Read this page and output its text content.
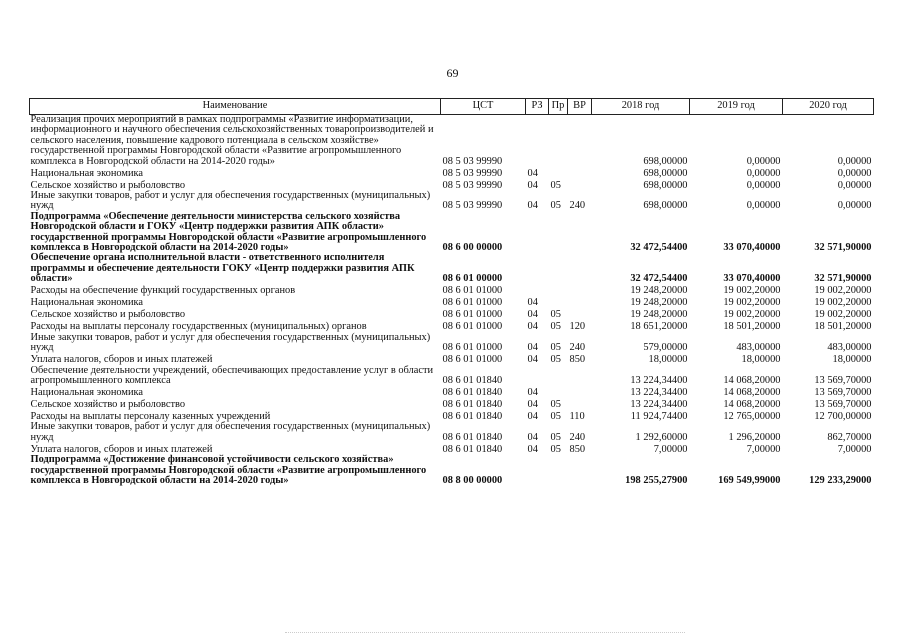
69
Наименование	ЦСТ	РЗ	Пр	ВР	2018 год	2019 год	2020 год
Реализация прочих мероприятий в рамках подпрограммы «Развитие информатизации, информационного и научного обеспечения сельскохозяйственных товаропроизводителей и сельского населения, повышение кадрового потенциала в сельском хозяйстве» государственной программы Новгородской области «Развитие агропромышленного комплекса в Новгородской области на 2014-2020 годы»	08 5 03 99990				698,00000	0,00000	0,00000
Национальная экономика	08 5 03 99990	04			698,00000	0,00000	0,00000
Сельское хозяйство и рыболовство	08 5 03 99990	04	05		698,00000	0,00000	0,00000
Иные закупки товаров, работ и услуг для обеспечения государственных (муниципальных) нужд	08 5 03 99990	04	05	240	698,00000	0,00000	0,00000
Подпрограмма «Обеспечение деятельности министерства сельского хозяйства Новгородской области и ГОКУ «Центр поддержки развития АПК области» государственной программы Новгородской области «Развитие агропромышленного комплекса в Новгородской области на 2014-2020 годы»	08 6 00 00000				32 472,54400	33 070,40000	32 571,90000
Обеспечение органа исполнительной власти - ответственного исполнителя программы и обеспечение деятельности ГОКУ «Центр поддержки развития АПК области»	08 6 01 00000				32 472,54400	33 070,40000	32 571,90000
Расходы на обеспечение функций государственных органов	08 6 01 01000				19 248,20000	19 002,20000	19 002,20000
Национальная экономика	08 6 01 01000	04			19 248,20000	19 002,20000	19 002,20000
Сельское хозяйство и рыболовство	08 6 01 01000	04	05		19 248,20000	19 002,20000	19 002,20000
Расходы на выплаты персоналу государственных (муниципальных) органов	08 6 01 01000	04	05	120	18 651,20000	18 501,20000	18 501,20000
Иные закупки товаров, работ и услуг для обеспечения государственных (муниципальных) нужд	08 6 01 01000	04	05	240	579,00000	483,00000	483,00000
Уплата налогов, сборов и иных платежей	08 6 01 01000	04	05	850	18,00000	18,00000	18,00000
Обеспечение деятельности учреждений, обеспечивающих предоставление услуг в области агропромышленного комплекса	08 6 01 01840				13 224,34400	14 068,20000	13 569,70000
Национальная экономика	08 6 01 01840	04			13 224,34400	14 068,20000	13 569,70000
Сельское хозяйство и рыболовство	08 6 01 01840	04	05		13 224,34400	14 068,20000	13 569,70000
Расходы на выплаты персоналу казенных учреждений	08 6 01 01840	04	05	110	11 924,74400	12 765,00000	12 700,00000
Иные закупки товаров, работ и услуг для обеспечения государственных (муниципальных) нужд	08 6 01 01840	04	05	240	1 292,60000	1 296,20000	862,70000
Уплата налогов, сборов и иных платежей	08 6 01 01840	04	05	850	7,00000	7,00000	7,00000
Подпрограмма «Достижение финансовой устойчивости сельского хозяйства» государственной программы Новгородской области «Развитие агропромышленного комплекса в Новгородской области на 2014-2020 годы»	08 8 00 00000				198 255,27900	169 549,99000	129 233,29000
